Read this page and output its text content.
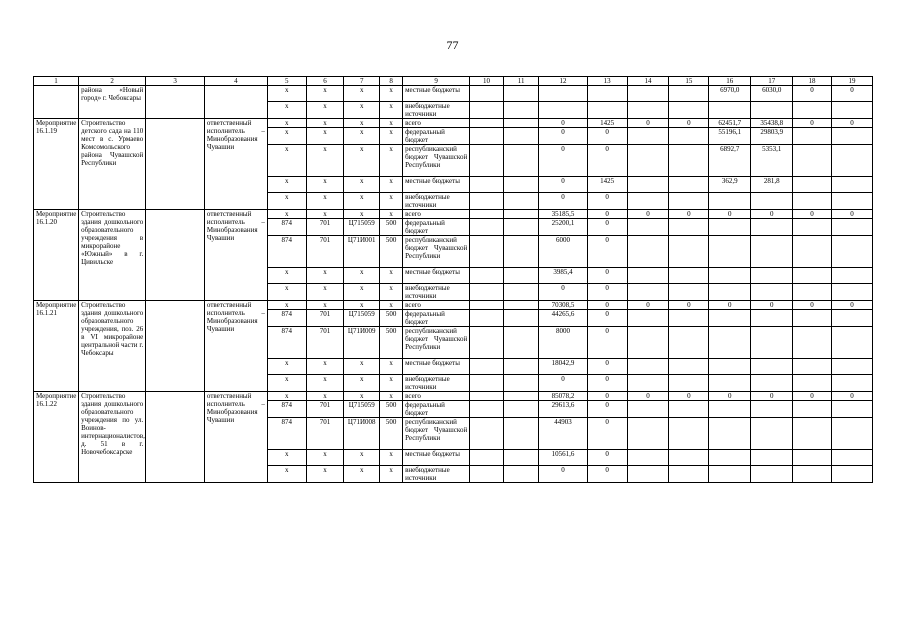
77
1	2	3	4	5	6	7	8	9	10	11	12	13	14	15	16	17	18	19
	района «Новый город» г. Чебоксары			x	x	x	x	местные бюджеты							6970,0	6030,0	0	0
				x	x	x	x	внебюджетные источники										
Мероприятие 16.1.19	Строительство детского сада на 110 мест в с. Урмаево Комсомольского района Чувашской Республики		ответственный исполнитель – Минобразования Чувашии	x	x	x	x	всего			0	1425	0	0	62451,7	35438,8	0	0
				x	x	x	x	федеральный бюджет			0	0			55196,1	29803,9		
				x	x	x	x	республиканский бюджет Чувашской Республики			0	0			6892,7	5353,1		
				x	x	x	x	местные бюджеты			0	1425			362,9	281,8		
				x	x	x	x	внебюджетные источники			0	0						
Мероприятие 16.1.20	Строительство здания дошкольного образовательного учреждения в микрорайоне «Южный» в г. Цивильске		ответственный исполнитель – Минобразования Чувашии	x	x	x	x	всего			35185,5	0	0	0	0	0	0	0
				874	701	Ц715059	500	федеральный бюджет			25200,1	0						
				874	701	Ц71И001	500	республиканский бюджет Чувашской Республики			6000	0						
				x	x	x	x	местные бюджеты			3985,4	0						
				x	x	x	x	внебюджетные источники			0	0						
Мероприятие 16.1.21	Строительство здания дошкольного образовательного учреждения, поз. 26 в VI микрорайоне центральной части г. Чебоксары		ответственный исполнитель – Минобразования Чувашии	x	x	x	x	всего			70308,5	0	0	0	0	0	0	0
				874	701	Ц715059	500	федеральный бюджет			44265,6	0						
				874	701	Ц71И009	500	республиканский бюджет Чувашской Республики			8000	0						
				x	x	x	x	местные бюджеты			18042,9	0						
				x	x	x	x	внебюджетные источники			0	0						
Мероприятие 16.1.22	Строительство здания дошкольного образовательного учреждения по ул. Воинов-интернационалистов, д. 51 в г. Новочебоксарске		ответственный исполнитель – Минобразования Чувашии	x	x	x	x	всего			85078,2	0	0	0	0	0	0	0
				874	701	Ц715059	500	федеральный бюджет			29613,6	0						
				874	701	Ц71И008	500	республиканский бюджет Чувашской Республики			44903	0						
				x	x	x	x	местные бюджеты			10561,6	0						
				x	x	x	x	внебюджетные источники			0	0						
